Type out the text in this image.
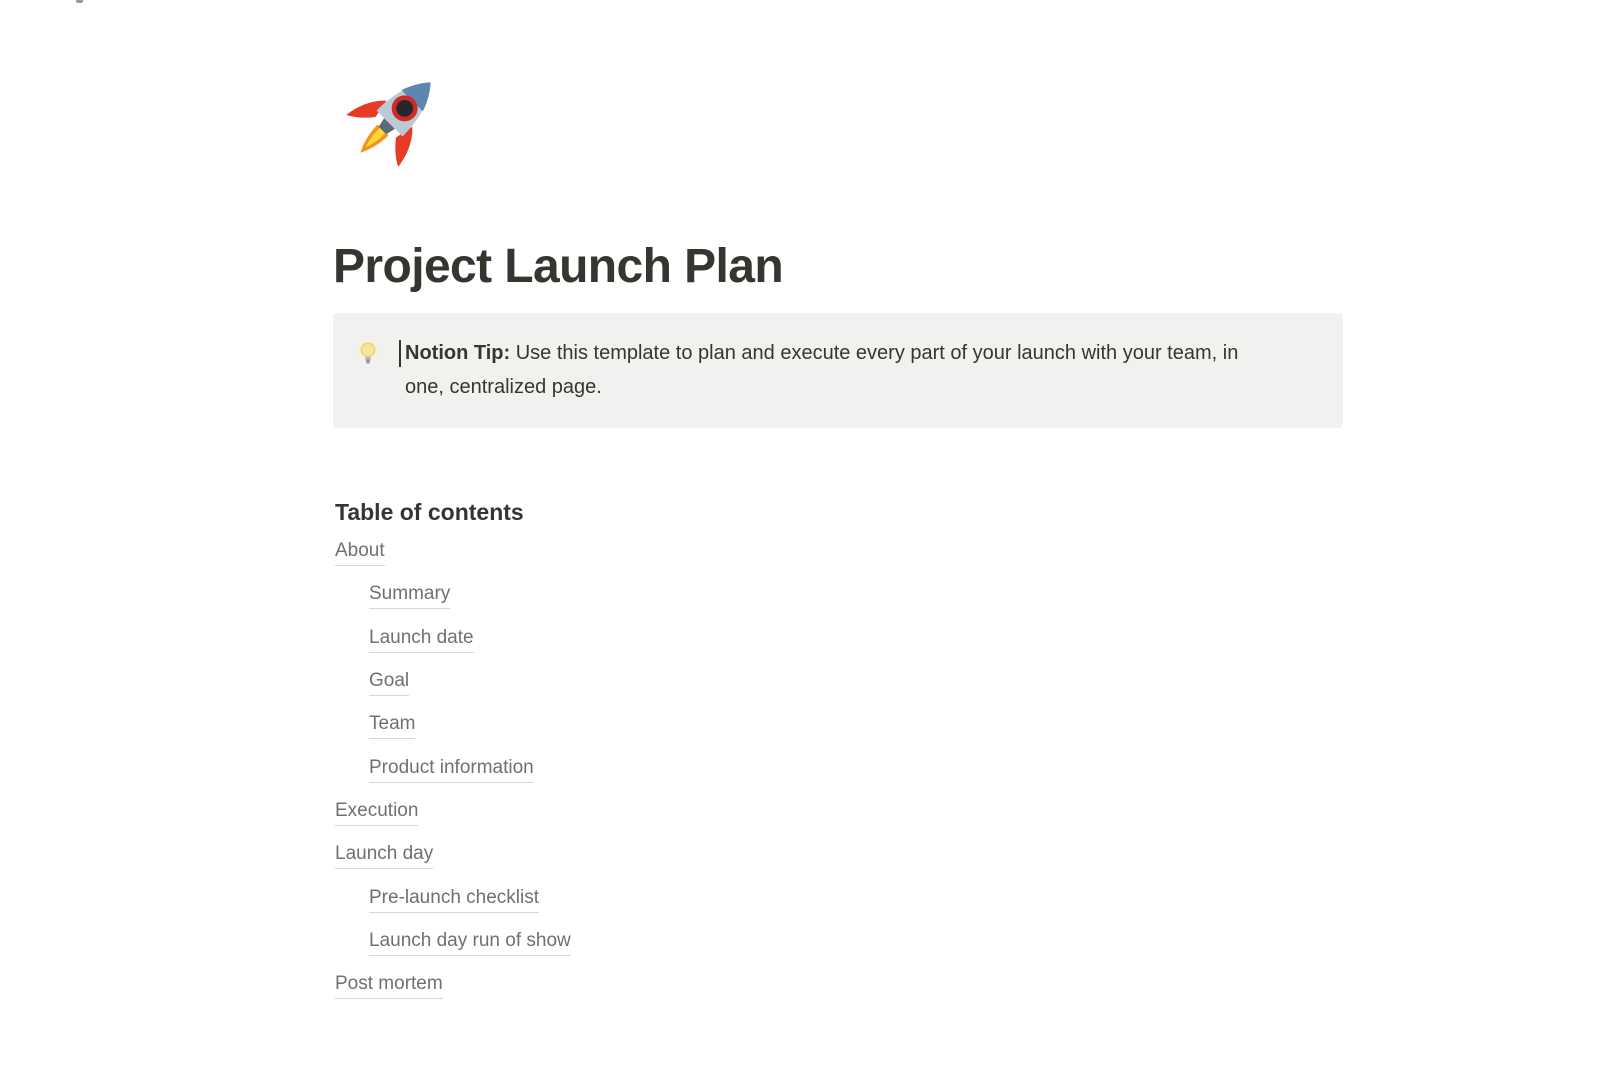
Project Launch Plan

Notion Tip: Use this template to plan and execute every part of your launch with your team, in one, centralized page.

Table of contents
About
Summary
Launch date
Goal
Team
Product information
Execution
Launch day
Pre-launch checklist
Launch day run of show
Post mortem
